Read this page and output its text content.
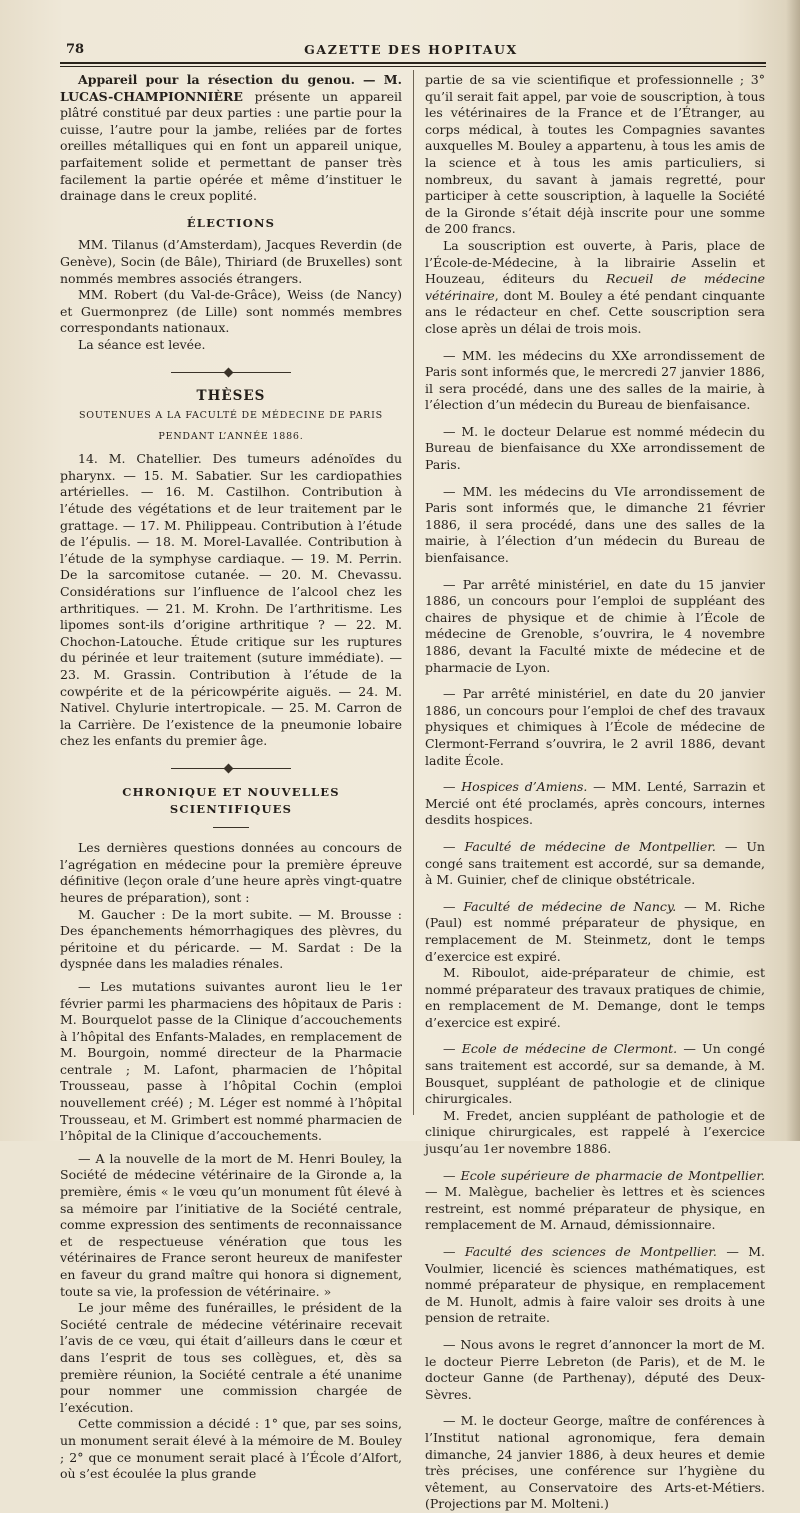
78	GAZETTE DES HOPITAUX

Appareil pour la résection du genou. — M. LUCAS-CHAMPIONNIÈRE présente un appareil plâtré constitué par deux parties : une partie pour la cuisse, l’autre pour la jambe, reliées par de fortes oreilles métalliques qui en font un appareil unique, parfaitement solide et permettant de panser très facilement la partie opérée et même d’instituer le drainage dans le creux poplité.

ÉLECTIONS

MM. Tilanus (d’Amsterdam), Jacques Reverdin (de Genève), Socin (de Bâle), Thiriard (de Bruxelles) sont nommés membres associés étrangers.

MM. Robert (du Val-de-Grâce), Weiss (de Nancy) et Guermonprez (de Lille) sont nommés membres correspondants nationaux.

La séance est levée.

THÈSES

SOUTENUES A LA FACULTÉ DE MÉDECINE DE PARIS

PENDANT L’ANNÉE 1886.

14. M. Chatellier. Des tumeurs adénoïdes du pharynx. — 15. M. Sabatier. Sur les cardiopathies artérielles. — 16. M. Castilhon. Contribution à l’étude des végétations et de leur traitement par le grattage. — 17. M. Philippeau. Contribution à l’étude de l’épulis. — 18. M. Morel-Lavallée. Contribution à l’étude de la symphyse cardiaque. — 19. M. Perrin. De la sarcomitose cutanée. — 20. M. Chevassu. Considérations sur l’influence de l’alcool chez les arthritiques. — 21. M. Krohn. De l’arthritisme. Les lipomes sont-ils d’origine arthritique ? — 22. M. Chochon-Latouche. Étude critique sur les ruptures du périnée et leur traitement (suture immédiate). — 23. M. Grassin. Contribution à l’étude de la cowpérite et de la péricowpérite aiguës. — 24. M. Nativel. Chylurie intertropicale. — 25. M. Carron de la Carrière. De l’existence de la pneumonie lobaire chez les enfants du premier âge.

CHRONIQUE ET NOUVELLES SCIENTIFIQUES

Les dernières questions données au concours de l’agrégation en médecine pour la première épreuve définitive (leçon orale d’une heure après vingt-quatre heures de préparation), sont :

M. Gaucher : De la mort subite. — M. Brousse : Des épanchements hémorrhagiques des plèvres, du péritoine et du péricarde. — M. Sardat : De la dyspnée dans les maladies rénales.

— Les mutations suivantes auront lieu le 1er février parmi les pharmaciens des hôpitaux de Paris : M. Bourquelot passe de la Clinique d’accouchements à l’hôpital des Enfants-Malades, en remplacement de M. Bourgoin, nommé directeur de la Pharmacie centrale ; M. Lafont, pharmacien de l’hôpital Trousseau, passe à l’hôpital Cochin (emploi nouvellement créé) ; M. Léger est nommé à l’hôpital Trousseau, et M. Grimbert est nommé pharmacien de l’hôpital de la Clinique d’accouchements.

— A la nouvelle de la mort de M. Henri Bouley, la Société de médecine vétérinaire de la Gironde a, la première, émis « le vœu qu’un monument fût élevé à sa mémoire par l’initiative de la Société centrale, comme expression des sentiments de reconnaissance et de respectueuse vénération que tous les vétérinaires de France seront heureux de manifester en faveur du grand maître qui honora si dignement, toute sa vie, la profession de vétérinaire. »

Le jour même des funérailles, le président de la Société centrale de médecine vétérinaire recevait l’avis de ce vœu, qui était d’ailleurs dans le cœur et dans l’esprit de tous ses collègues, et, dès sa première réunion, la Société centrale a été unanime pour nommer une commission chargée de l’exécution.

Cette commission a décidé : 1° que, par ses soins, un monument serait élevé à la mémoire de M. Bouley ; 2° que ce monument serait placé à l’École d’Alfort, où s’est écoulée la plus grande

partie de sa vie scientifique et professionnelle ; 3° qu’il serait fait appel, par voie de souscription, à tous les vétérinaires de la France et de l’Étranger, au corps médical, à toutes les Compagnies savantes auxquelles M. Bouley a appartenu, à tous les amis de la science et à tous les amis particuliers, si nombreux, du savant à jamais regretté, pour participer à cette souscription, à laquelle la Société de la Gironde s’était déjà inscrite pour une somme de 200 francs.

La souscription est ouverte, à Paris, place de l’École-de-Médecine, à la librairie Asselin et Houzeau, éditeurs du Recueil de médecine vétérinaire, dont M. Bouley a été pendant cinquante ans le rédacteur en chef. Cette souscription sera close après un délai de trois mois.

— MM. les médecins du XXe arrondissement de Paris sont informés que, le mercredi 27 janvier 1886, il sera procédé, dans une des salles de la mairie, à l’élection d’un médecin du Bureau de bienfaisance.

— M. le docteur Delarue est nommé médecin du Bureau de bienfaisance du XXe arrondissement de Paris.

— MM. les médecins du VIe arrondissement de Paris sont informés que, le dimanche 21 février 1886, il sera procédé, dans une des salles de la mairie, à l’élection d’un médecin du Bureau de bienfaisance.

— Par arrêté ministériel, en date du 15 janvier 1886, un concours pour l’emploi de suppléant des chaires de physique et de chimie à l’École de médecine de Grenoble, s’ouvrira, le 4 novembre 1886, devant la Faculté mixte de médecine et de pharmacie de Lyon.

— Par arrêté ministériel, en date du 20 janvier 1886, un concours pour l’emploi de chef des travaux physiques et chimiques à l’École de médecine de Clermont-Ferrand s’ouvrira, le 2 avril 1886, devant ladite École.

— Hospices d’Amiens. — MM. Lenté, Sarrazin et Mercié ont été proclamés, après concours, internes desdits hospices.

— Faculté de médecine de Montpellier. — Un congé sans traitement est accordé, sur sa demande, à M. Guinier, chef de clinique obstétricale.

— Faculté de médecine de Nancy. — M. Riche (Paul) est nommé préparateur de physique, en remplacement de M. Steinmetz, dont le temps d’exercice est expiré.

M. Riboulot, aide-préparateur de chimie, est nommé préparateur des travaux pratiques de chimie, en remplacement de M. Demange, dont le temps d’exercice est expiré.

— Ecole de médecine de Clermont. — Un congé sans traitement est accordé, sur sa demande, à M. Bousquet, suppléant de pathologie et de clinique chirurgicales.

M. Fredet, ancien suppléant de pathologie et de clinique chirurgicales, est rappelé à l’exercice jusqu’au 1er novembre 1886.

— Ecole supérieure de pharmacie de Montpellier. — M. Malègue, bachelier ès lettres et ès sciences restreint, est nommé préparateur de physique, en remplacement de M. Arnaud, démissionnaire.

— Faculté des sciences de Montpellier. — M. Voulmier, licencié ès sciences mathématiques, est nommé préparateur de physique, en remplacement de M. Hunolt, admis à faire valoir ses droits à une pension de retraite.

— Nous avons le regret d’annoncer la mort de M. le docteur Pierre Lebreton (de Paris), et de M. le docteur Ganne (de Parthenay), député des Deux-Sèvres.

— M. le docteur George, maître de conférences à l’Institut national agronomique, fera demain dimanche, 24 janvier 1886, à deux heures et demie très précises, une conférence sur l’hygiène du vêtement, au Conservatoire des Arts-et-Métiers. (Projections par M. Molteni.)
